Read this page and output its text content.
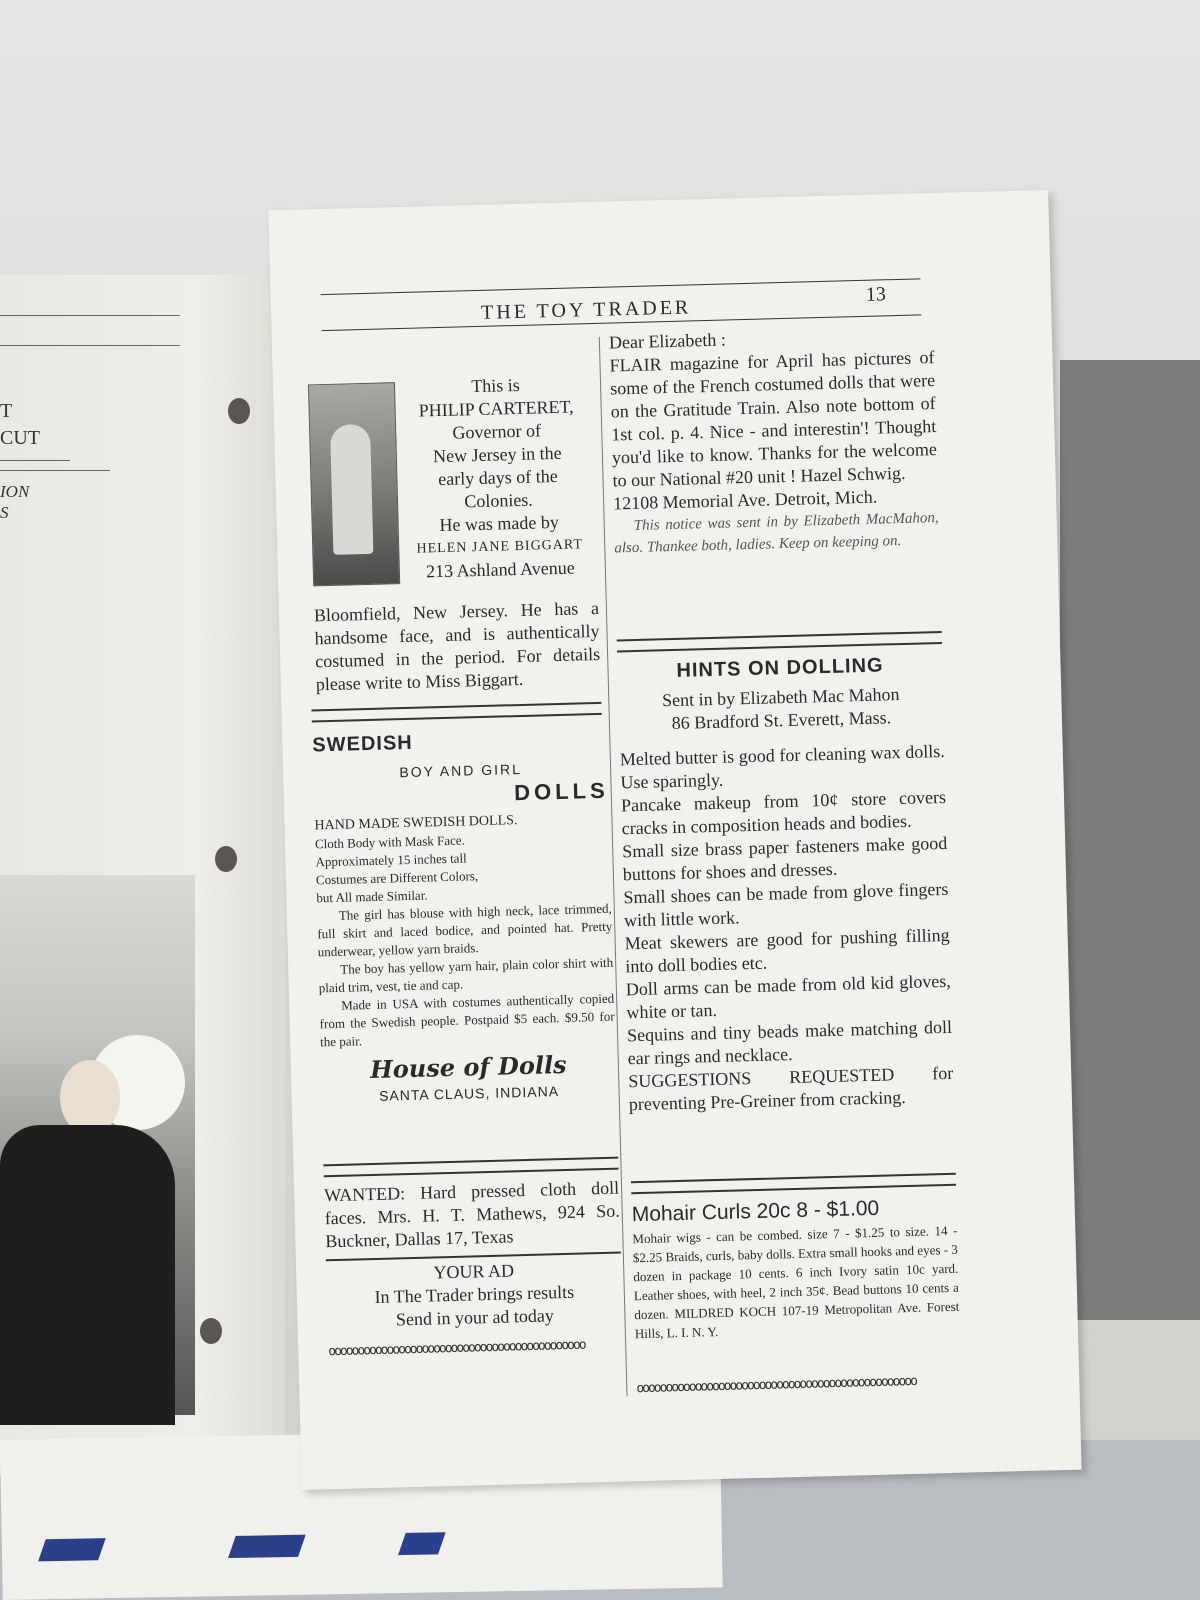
T
CUT
ION
S
THE TOY TRADER
13

This is

PHILIP CARTERET,

Governor of

New Jersey in the

early days of the

Colonies.

He was made by

HELEN JANE BIGGART

213 Ashland Avenue

Bloomfield, New Jersey. He has a handsome face, and is authentically costumed in the period. For details please write to Miss Biggart.

SWEDISH

BOY AND GIRL

DOLLS

HAND MADE SWEDISH DOLLS.

Cloth Body with Mask Face.

Approximately 15 inches tall

Costumes are Different Colors,

but All made Similar.

The girl has blouse with high neck, lace trimmed, full skirt and laced bodice, and pointed hat. Pretty underwear, yellow yarn braids.

The boy has yellow yarn hair, plain color shirt with plaid trim, vest, tie and cap.

Made in USA with costumes authentically copied from the Swedish people. Postpaid $5 each. $9.50 for the pair.

House of Dolls

SANTA CLAUS, INDIANA

WANTED: Hard pressed cloth doll faces. Mrs. H. T. Mathews, 924 So. Buckner, Dallas 17, Texas

YOUR AD

In The Trader brings results

Send in your ad today

oooooooooooooooooooooooooooooooooooooooooooo

Dear Elizabeth :

FLAIR magazine for April has pictures of some of the French costumed dolls that were on the Gratitude Train. Also note bottom of 1st col. p. 4. Nice - and interestin'! Thought you'd like to know. Thanks for the welcome to our National #20 unit ! Hazel Schwig.

12108 Memorial Ave. Detroit, Mich.

This notice was sent in by Elizabeth MacMahon, also. Thankee both, ladies. Keep on keeping on.

HINTS ON DOLLING

Sent in by Elizabeth Mac Mahon

86 Bradford St. Everett, Mass.

Melted butter is good for cleaning wax dolls. Use sparingly.

Pancake makeup from 10¢ store covers cracks in composition heads and bodies.

Small size brass paper fasteners make good buttons for shoes and dresses.

Small shoes can be made from glove fingers with little work.

Meat skewers are good for pushing filling into doll bodies etc.

Doll arms can be made from old kid gloves, white or tan.

Sequins and tiny beads make matching doll ear rings and necklace.

SUGGESTIONS REQUESTED for preventing Pre-Greiner from cracking.

Mohair Curls 20c 8 - $1.00

Mohair wigs - can be combed. size 7 - $1.25 to size. 14 - $2.25 Braids, curls, baby dolls. Extra small hooks and eyes - 3 dozen in package 10 cents. 6 inch Ivory satin 10c yard. Leather shoes, with heel, 2 inch 35¢. Bead buttons 10 cents a dozen. MILDRED KOCH 107-19 Metropolitan Ave. Forest Hills, L. I. N. Y.

oooooooooooooooooooooooooooooooooooooooooooooooo
